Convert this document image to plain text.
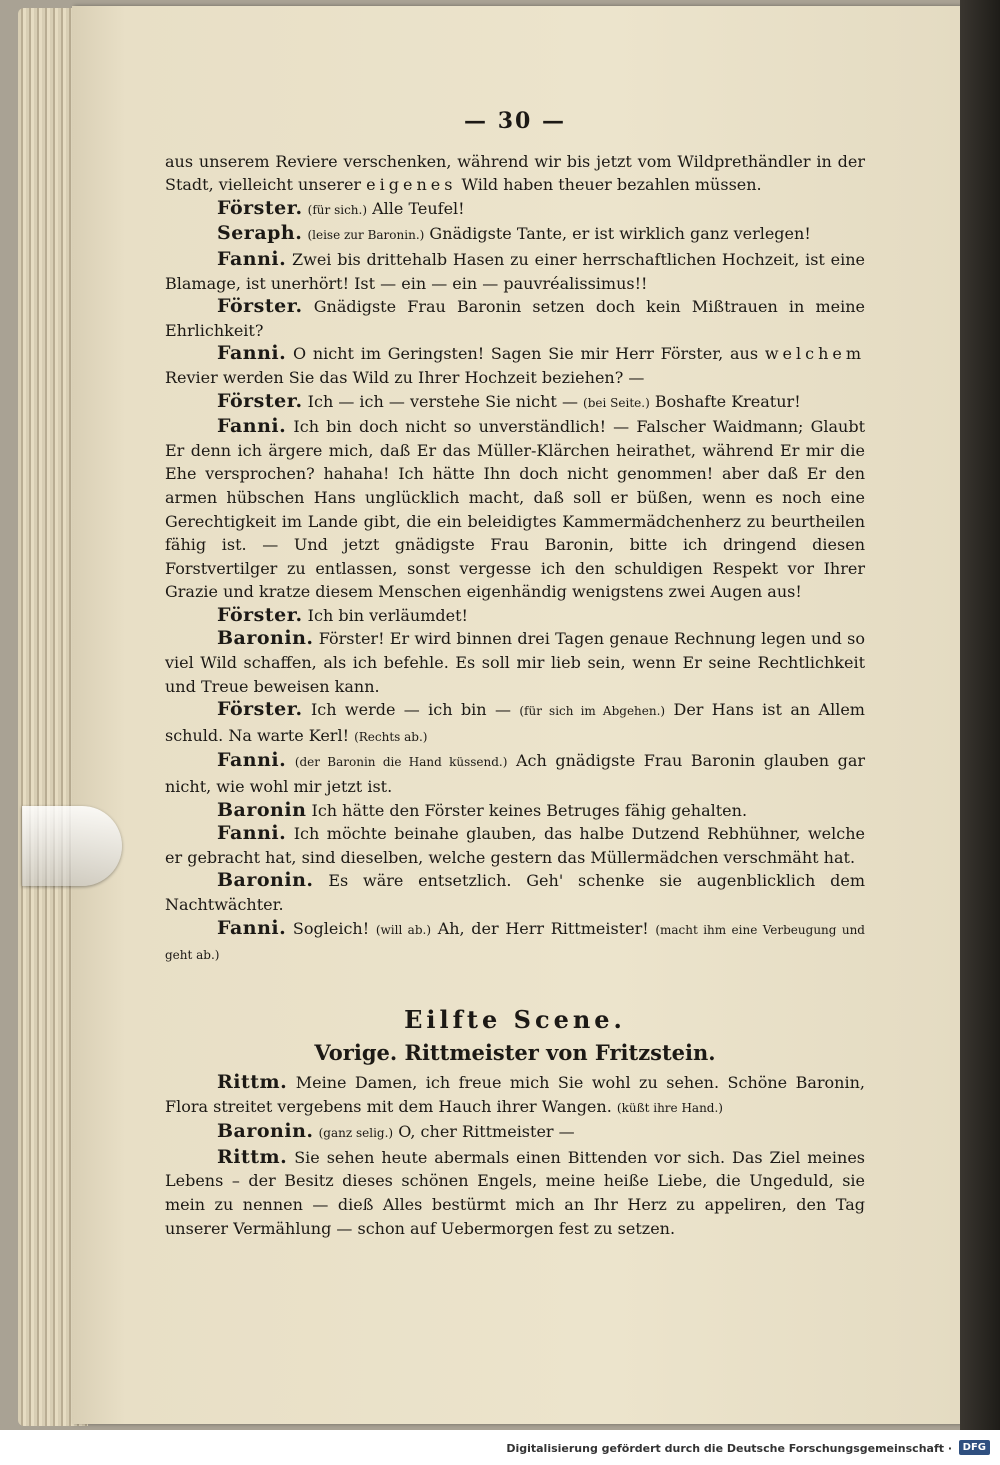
— 30 —

aus unserem Reviere verschenken, während wir bis jetzt vom Wildprethändler in der Stadt, vielleicht unserer eigenes Wild haben theuer bezahlen müssen.

Förster. (für sich.) Alle Teufel!

Seraph. (leise zur Baronin.) Gnädigste Tante, er ist wirklich ganz verlegen!

Fanni. Zwei bis drittehalb Hasen zu einer herrschaftlichen Hochzeit, ist eine Blamage, ist unerhört! Ist — ein — ein — pauvréalissimus!!

Förster. Gnädigste Frau Baronin setzen doch kein Mißtrauen in meine Ehrlichkeit?

Fanni. O nicht im Geringsten! Sagen Sie mir Herr Förster, aus welchem Revier werden Sie das Wild zu Ihrer Hochzeit beziehen? —

Förster. Ich — ich — verstehe Sie nicht — (bei Seite.) Boshafte Kreatur!

Fanni. Ich bin doch nicht so unverständlich! — Falscher Waidmann; Glaubt Er denn ich ärgere mich, daß Er das Müller-Klärchen heirathet, während Er mir die Ehe versprochen? hahaha! Ich hätte Ihn doch nicht genommen! aber daß Er den armen hübschen Hans unglücklich macht, daß soll er büßen, wenn es noch eine Gerechtigkeit im Lande gibt, die ein beleidigtes Kammermädchenherz zu beurtheilen fähig ist. — Und jetzt gnädigste Frau Baronin, bitte ich dringend diesen Forstvertilger zu entlassen, sonst vergesse ich den schuldigen Respekt vor Ihrer Grazie und kratze diesem Menschen eigenhändig wenigstens zwei Augen aus!

Förster. Ich bin verläumdet!

Baronin. Förster! Er wird binnen drei Tagen genaue Rechnung legen und so viel Wild schaffen, als ich befehle. Es soll mir lieb sein, wenn Er seine Rechtlichkeit und Treue beweisen kann.

Förster. Ich werde — ich bin — (für sich im Abgehen.) Der Hans ist an Allem schuld. Na warte Kerl! (Rechts ab.)

Fanni. (der Baronin die Hand küssend.) Ach gnädigste Frau Baronin glauben gar nicht, wie wohl mir jetzt ist.

Baronin Ich hätte den Förster keines Betruges fähig gehalten.

Fanni. Ich möchte beinahe glauben, das halbe Dutzend Rebhühner, welche er gebracht hat, sind dieselben, welche gestern das Müllermädchen verschmäht hat.

Baronin. Es wäre entsetzlich. Geh' schenke sie augenblicklich dem Nachtwächter.

Fanni. Sogleich! (will ab.) Ah, der Herr Rittmeister! (macht ihm eine Verbeugung und geht ab.)

Eilfte Scene.
Vorige. Rittmeister von Fritzstein.

Rittm. Meine Damen, ich freue mich Sie wohl zu sehen. Schöne Baronin, Flora streitet vergebens mit dem Hauch ihrer Wangen. (küßt ihre Hand.)

Baronin. (ganz selig.) O, cher Rittmeister —

Rittm. Sie sehen heute abermals einen Bittenden vor sich. Das Ziel meines Lebens – der Besitz dieses schönen Engels, meine heiße Liebe, die Ungeduld, sie mein zu nennen — dieß Alles bestürmt mich an Ihr Herz zu appeliren, den Tag unserer Vermählung — schon auf Uebermorgen fest zu setzen.

Digitalisierung gefördert durch die Deutsche Forschungsgemeinschaft ·	DFG
